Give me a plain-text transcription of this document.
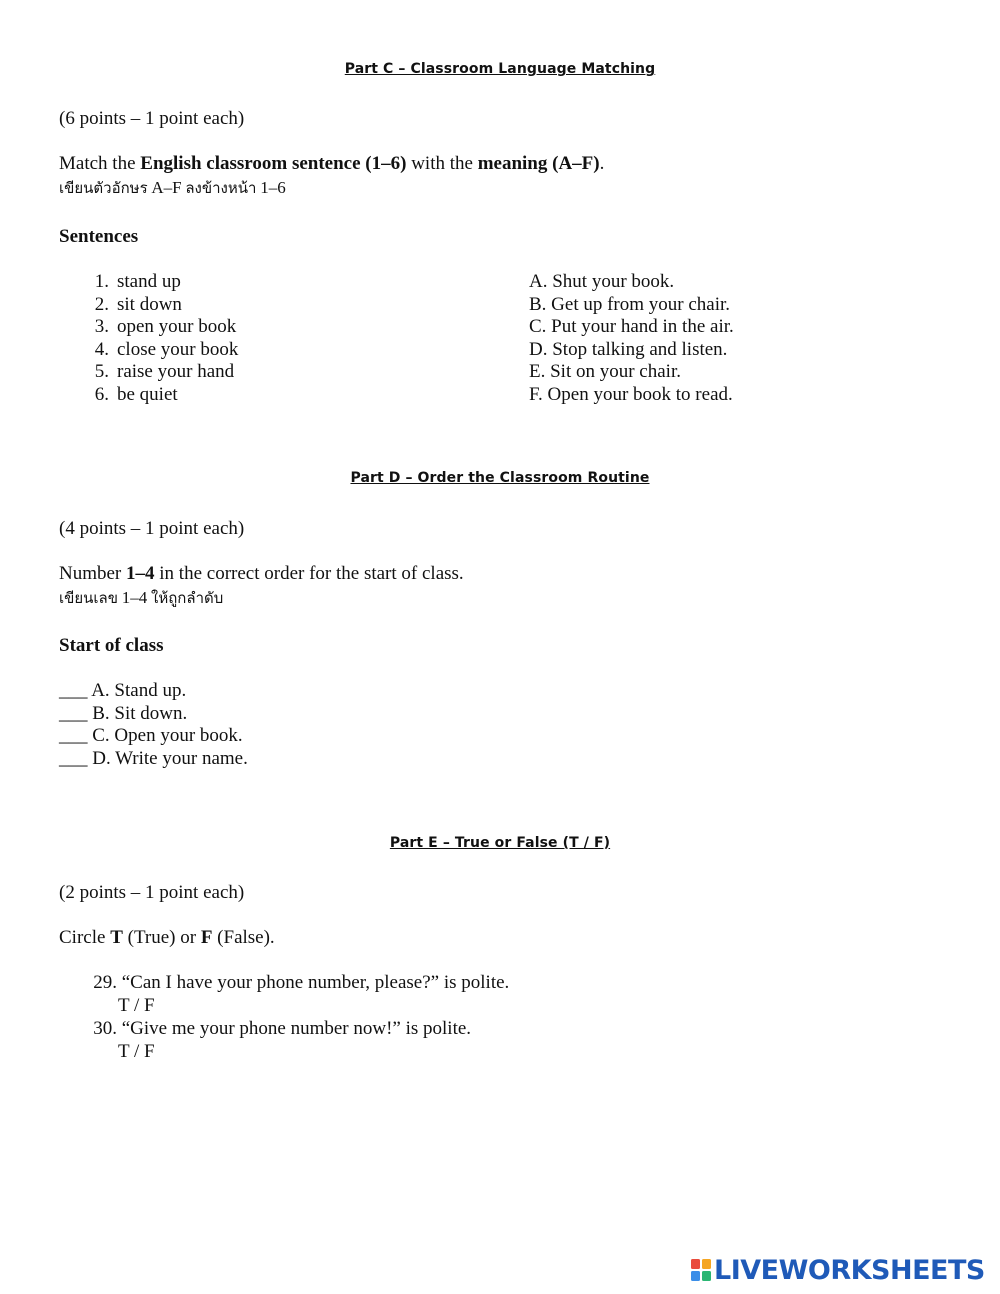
Part C – Classroom Language Matching
(6 points – 1 point each)
Match the English classroom sentence (1–6) with the meaning (A–F).
เขียนตัวอักษร A–F ลงข้างหน้า 1–6
Sentences
1. stand up
2. sit down
3. open your book
4. close your book
5. raise your hand
6. be quiet
A. Shut your book.
B. Get up from your chair.
C. Put your hand in the air.
D. Stop talking and listen.
E. Sit on your chair.
F. Open your book to read.
Part D – Order the Classroom Routine
(4 points – 1 point each)
Number 1–4 in the correct order for the start of class.
เขียนเลข 1–4 ให้ถูกลำดับ
Start of class
___ A. Stand up.
___ B. Sit down.
___ C. Open your book.
___ D. Write your name.
Part E – True or False (T / F)
(2 points – 1 point each)
Circle T (True) or F (False).
29. “Can I have your phone number, please?” is polite.
T / F
30. “Give me your phone number now!” is polite.
T / F
LIVEWORKSHEETS
